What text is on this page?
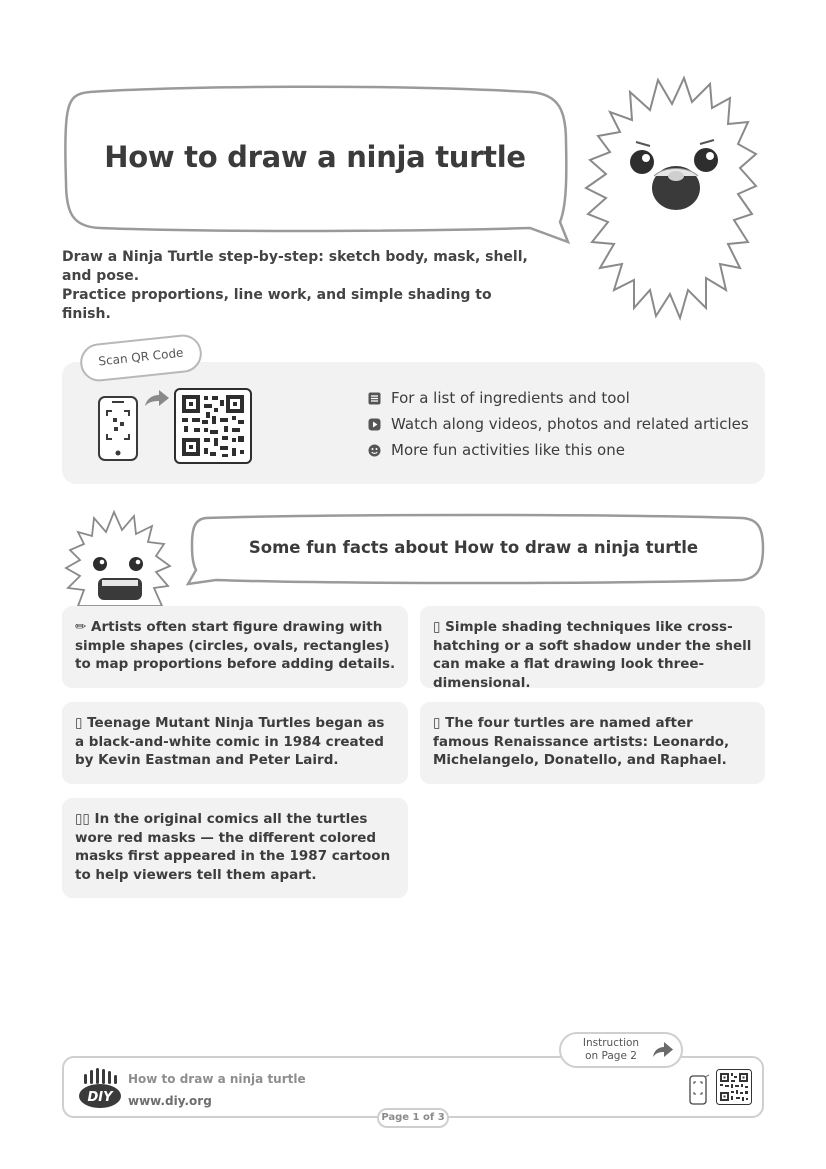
How to draw a ninja turtle
Draw a Ninja Turtle step-by-step: sketch body, mask, shell, and pose.
Practice proportions, line work, and simple shading to finish.
Scan QR Code
For a list of ingredients and tool
Watch along videos, photos and related articles
More fun activities like this one
Some fun facts about How to draw a ninja turtle
✏ Artists often start figure drawing with simple shapes (circles, ovals, rectangles) to map proportions before adding details.
▯ Simple shading techniques like cross-hatching or a soft shadow under the shell can make a flat drawing look three-dimensional.
▯ Teenage Mutant Ninja Turtles began as a black-and-white comic in 1984 created by Kevin Eastman and Peter Laird.
▯ The four turtles are named after famous Renaissance artists: Leonardo, Michelangelo, Donatello, and Raphael.
▯▯ In the original comics all the turtles wore red masks — the different colored masks first appeared in the 1987 cartoon to help viewers tell them apart.
Instruction
on Page 2
Page 1 of 3
DIY
How to draw a ninja turtle
www.diy.org
